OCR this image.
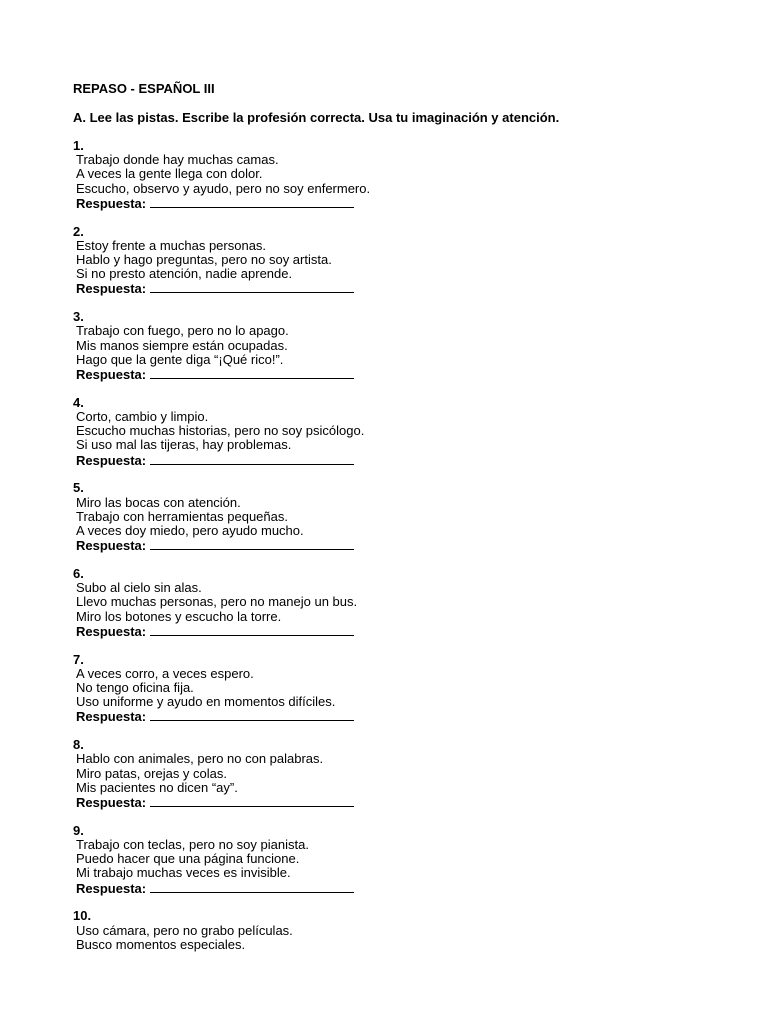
REPASO - ESPAÑOL III
A. Lee las pistas. Escribe la profesión correcta. Usa tu imaginación y atención.
1.
Trabajo donde hay muchas camas.
A veces la gente llega con dolor.
Escucho, observo y ayudo, pero no soy enfermero.
Respuesta:
2.
Estoy frente a muchas personas.
Hablo y hago preguntas, pero no soy artista.
Si no presto atención, nadie aprende.
Respuesta:
3.
Trabajo con fuego, pero no lo apago.
Mis manos siempre están ocupadas.
Hago que la gente diga “¡Qué rico!”.
Respuesta:
4.
Corto, cambio y limpio.
Escucho muchas historias, pero no soy psicólogo.
Si uso mal las tijeras, hay problemas.
Respuesta:
5.
Miro las bocas con atención.
Trabajo con herramientas pequeñas.
A veces doy miedo, pero ayudo mucho.
Respuesta:
6.
Subo al cielo sin alas.
Llevo muchas personas, pero no manejo un bus.
Miro los botones y escucho la torre.
Respuesta:
7.
A veces corro, a veces espero.
No tengo oficina fija.
Uso uniforme y ayudo en momentos difíciles.
Respuesta:
8.
Hablo con animales, pero no con palabras.
Miro patas, orejas y colas.
Mis pacientes no dicen “ay”.
Respuesta:
9.
Trabajo con teclas, pero no soy pianista.
Puedo hacer que una página funcione.
Mi trabajo muchas veces es invisible.
Respuesta:
10.
Uso cámara, pero no grabo películas.
Busco momentos especiales.
